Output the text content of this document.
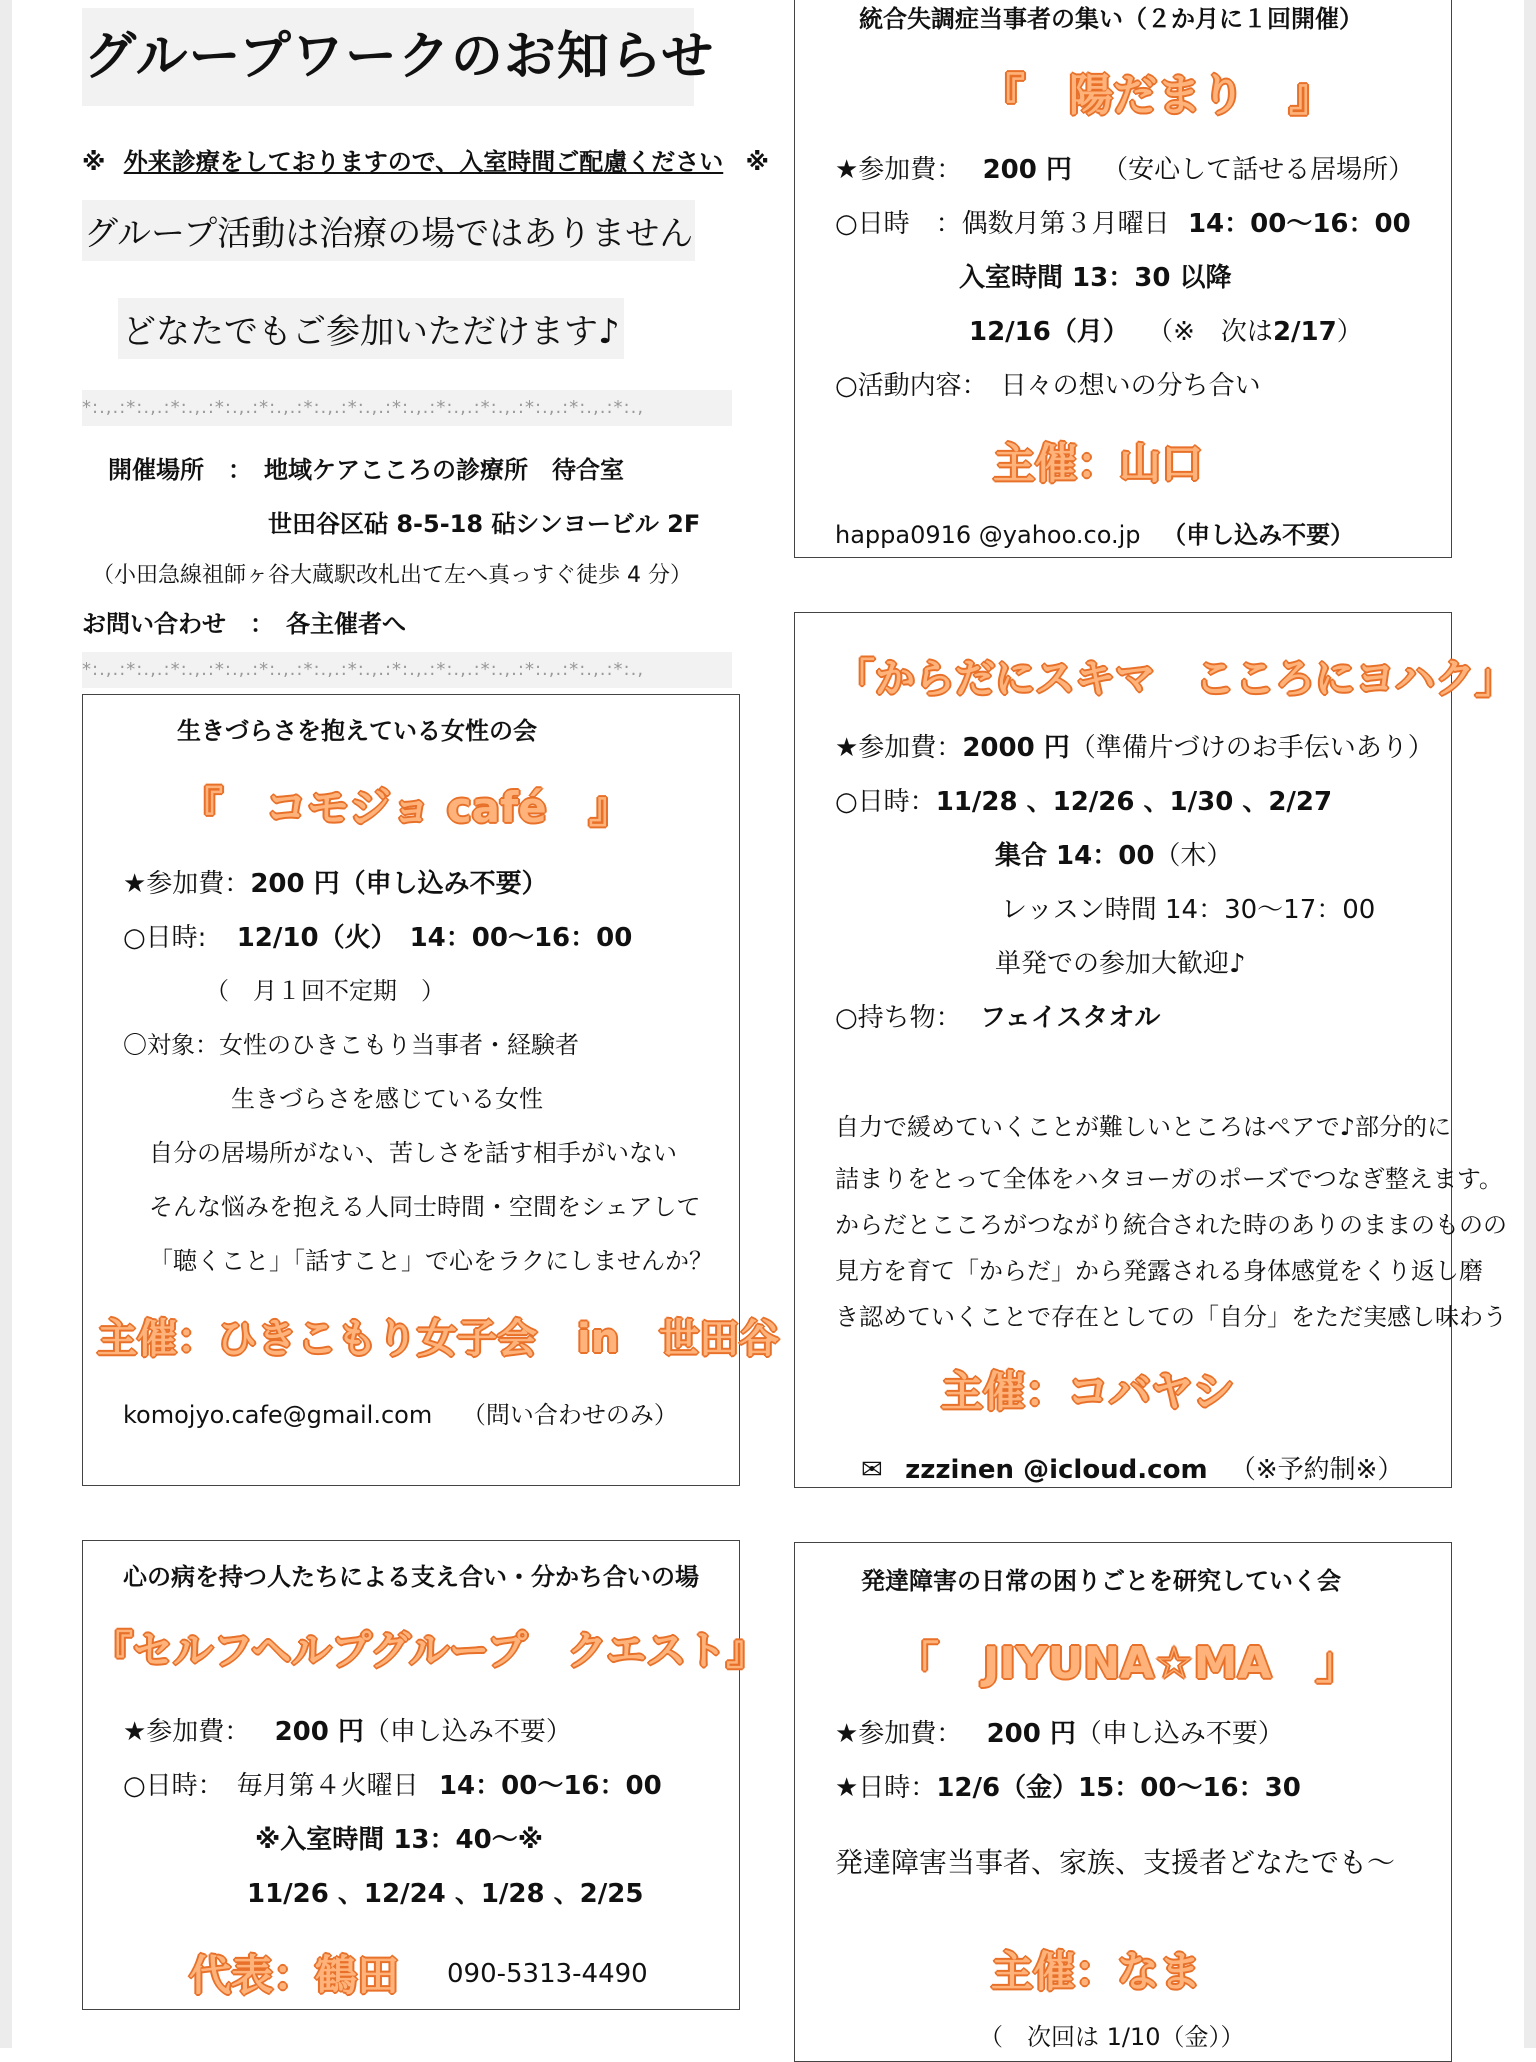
グループワークのお知らせ
※ 外来診療をしておりますので、入室時間ご配慮ください ※
グループ活動は治療の場ではありません
どなたでもご参加いただけます♪
*:.,.:*:.,.:*:.,.:*:.,.:*:.,.:*:.,.:*:.,.:*:.,.:*:.,.:*:.,.:*:.,.:*:.,.:*:.,
開催場所　：　地域ケアこころの診療所　待合室
世田谷区砧 8-5-18 砧シンヨービル 2F
（小田急線祖師ヶ谷大蔵駅改札出て左へ真っすぐ徒歩 4 分）
お問い合わせ　：　各主催者へ
*:.,.:*:.,.:*:.,.:*:.,.:*:.,.:*:.,.:*:.,.:*:.,.:*:.,.:*:.,.:*:.,.:*:.,.:*:.,
統合失調症当事者の集い（２か月に１回開催）
『　陽だまり　』
★参加費： 200 円 （安心して話せる居場所）
○日時　：偶数月第３月曜日 14：00〜16：00
入室時間 13：30 以降
12/16（月） （※　次は2/17）
○活動内容：　日々の想いの分ち合い
主催：山口
happa0916 @yahoo.co.jp （申し込み不要）
「からだにスキマ　こころにヨハク」
★参加費：2000 円（準備片づけのお手伝いあり）
○日時：11/28 、12/26 、1/30 、2/27
集合 14：00（木）
レッスン時間 14：30〜17：00
単発での参加大歓迎♪
○持ち物： フェイスタオル
自力で緩めていくことが難しいところはペアで♪部分的に
詰まりをとって全体をハタヨーガのポーズでつなぎ整えます。
からだとこころがつながり統合された時のありのままのものの
見方を育て「からだ」から発露される身体感覚をくり返し磨
き認めていくことで存在としての「自分」をただ実感し味わう
主催：コバヤシ
✉ zzzinen @icloud.com （※予約制※）
生きづらさを抱えている女性の会
『　コモジョ café　』
★参加費：200 円（申し込み不要）
○日時: 12/10（火）　14：00〜16：00
（　月１回不定期　）
〇対象：女性のひきこもり当事者・経験者
生きづらさを感じている女性
自分の居場所がない、苦しさを話す相手がいない
そんな悩みを抱える人同士時間・空間をシェアして
「聴くこと」「話すこと」で心をラクにしませんか？
主催：ひきこもり女子会　in　世田谷
komojyo.cafe@gmail.com （問い合わせのみ）
心の病を持つ人たちによる支え合い・分かち合いの場
『セルフヘルプグループ　クエスト』
★参加費： 200 円（申し込み不要）
○日時：　毎月第４火曜日 14：00〜16：00
※入室時間 13：40〜※
11/26 、12/24 、1/28 、2/25
代表：鶴田 090-5313-4490
発達障害の日常の困りごとを研究していく会
「　JIYUNA☆MA　」
★参加費： 200 円（申し込み不要）
★日時：12/6（金）15：00〜16：30
発達障害当事者、家族、支援者どなたでも〜
主催：なま
（　次回は 1/10（金））
